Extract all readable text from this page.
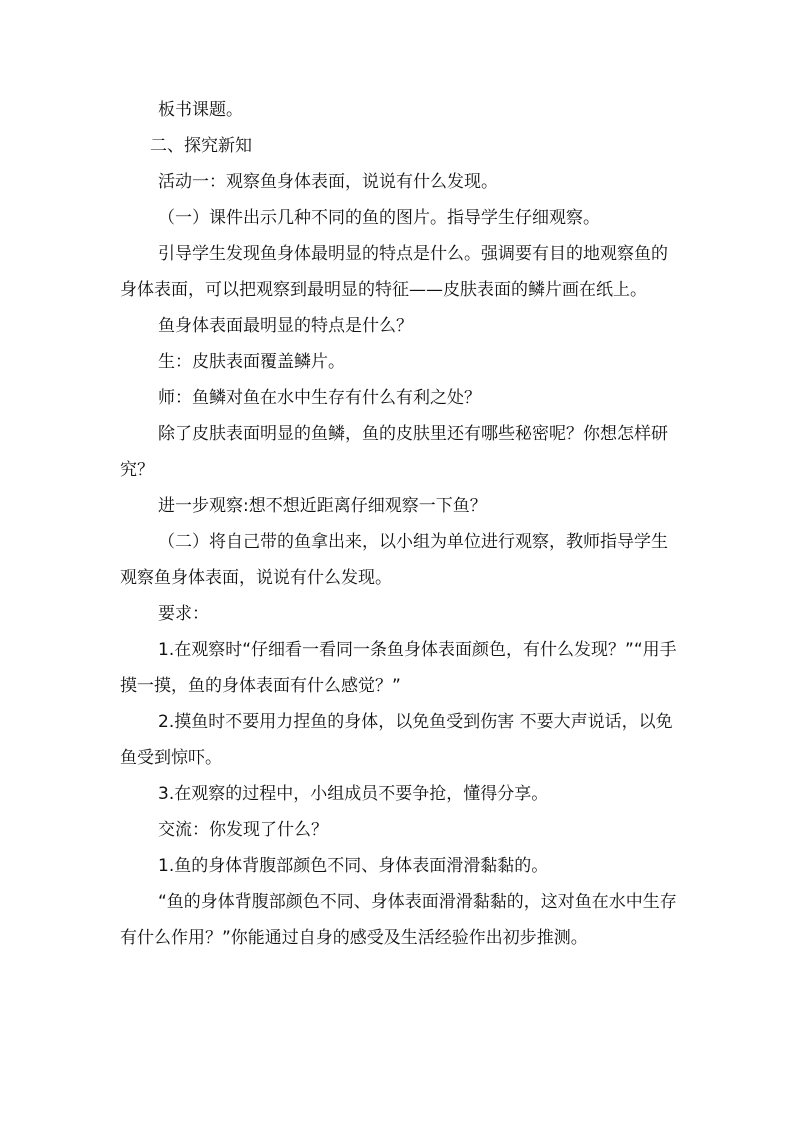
板书课题。

二、探究新知

活动一：观察鱼身体表面，说说有什么发现。

（一）课件出示几种不同的鱼的图片。指导学生仔细观察。

引导学生发现鱼身体最明显的特点是什么。强调要有目的地观察鱼的身体表面，可以把观察到最明显的特征——皮肤表面的鳞片画在纸上。

鱼身体表面最明显的特点是什么？

生：皮肤表面覆盖鳞片。

师：鱼鳞对鱼在水中生存有什么有利之处？

除了皮肤表面明显的鱼鳞，鱼的皮肤里还有哪些秘密呢？你想怎样研究？

进一步观察:想不想近距离仔细观察一下鱼？

（二）将自己带的鱼拿出来，以小组为单位进行观察，教师指导学生观察鱼身体表面，说说有什么发现。

要求：

1.在观察时“仔细看一看同一条鱼身体表面颜色，有什么发现？”“用手摸一摸，鱼的身体表面有什么感觉？”

2.摸鱼时不要用力捏鱼的身体，以免鱼受到伤害 不要大声说话，以免鱼受到惊吓。

3.在观察的过程中，小组成员不要争抢，懂得分享。

交流：你发现了什么？

1.鱼的身体背腹部颜色不同、身体表面滑滑黏黏的。

“鱼的身体背腹部颜色不同、身体表面滑滑黏黏的，这对鱼在水中生存有什么作用？”你能通过自身的感受及生活经验作出初步推测。
